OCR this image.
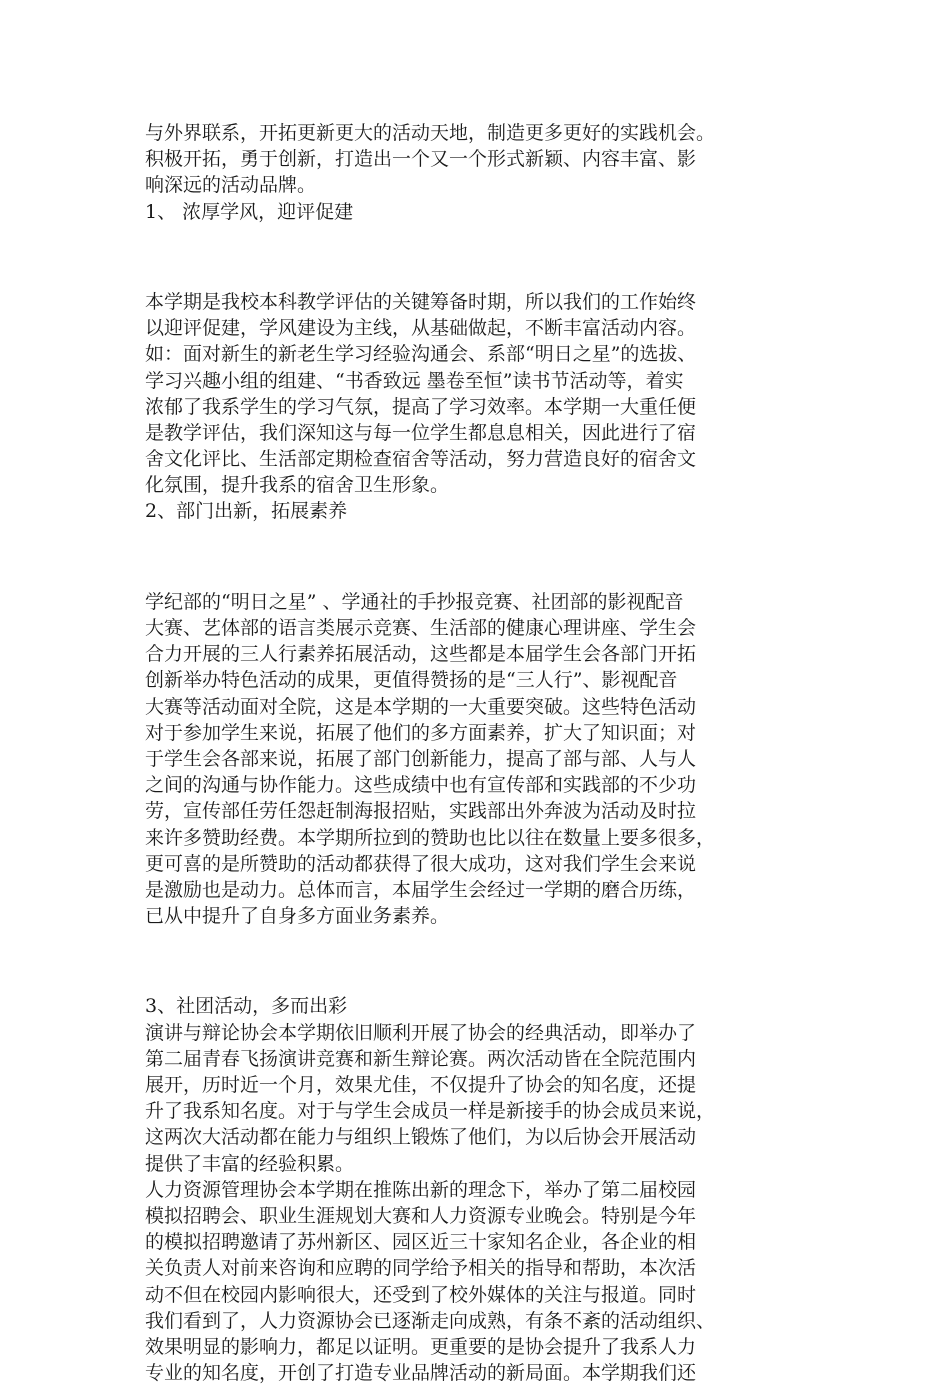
与外界联系，开拓更新更大的活动天地，制造更多更好的实践机会。

积极开拓，勇于创新，打造出一个又一个形式新颖、内容丰富、影

响深远的活动品牌。

1、 浓厚学风，迎评促建

本学期是我校本科教学评估的关键筹备时期，所以我们的工作始终

以迎评促建，学风建设为主线，从基础做起，不断丰富活动内容。

如：面对新生的新老生学习经验沟通会、系部“明日之星”的选拔、

学习兴趣小组的组建、“书香致远 墨卷至恒”读书节活动等，着实

浓郁了我系学生的学习气氛，提高了学习效率。本学期一大重任便

是教学评估，我们深知这与每一位学生都息息相关，因此进行了宿

舍文化评比、生活部定期检查宿舍等活动，努力营造良好的宿舍文

化氛围，提升我系的宿舍卫生形象。

2、部门出新，拓展素养

学纪部的“明日之星” 、学通社的手抄报竞赛、社团部的影视配音

大赛、艺体部的语言类展示竞赛、生活部的健康心理讲座、学生会

合力开展的三人行素养拓展活动，这些都是本届学生会各部门开拓

创新举办特色活动的成果，更值得赞扬的是“三人行”、影视配音

大赛等活动面对全院，这是本学期的一大重要突破。这些特色活动

对于参加学生来说，拓展了他们的多方面素养，扩大了知识面；对

于学生会各部来说，拓展了部门创新能力，提高了部与部、人与人

之间的沟通与协作能力。这些成绩中也有宣传部和实践部的不少功

劳，宣传部任劳任怨赶制海报招贴，实践部出外奔波为活动及时拉

来许多赞助经费。本学期所拉到的赞助也比以往在数量上要多很多，

更可喜的是所赞助的活动都获得了很大成功，这对我们学生会来说

是激励也是动力。总体而言，本届学生会经过一学期的磨合历练，

已从中提升了自身多方面业务素养。

3、社团活动，多而出彩

演讲与辩论协会本学期依旧顺利开展了协会的经典活动，即举办了

第二届青春飞扬演讲竞赛和新生辩论赛。两次活动皆在全院范围内

展开，历时近一个月，效果尤佳，不仅提升了协会的知名度，还提

升了我系知名度。对于与学生会成员一样是新接手的协会成员来说，

这两次大活动都在能力与组织上锻炼了他们，为以后协会开展活动

提供了丰富的经验积累。

人力资源管理协会本学期在推陈出新的理念下，举办了第二届校园

模拟招聘会、职业生涯规划大赛和人力资源专业晚会。特别是今年

的模拟招聘邀请了苏州新区、园区近三十家知名企业，各企业的相

关负责人对前来咨询和应聘的同学给予相关的指导和帮助，本次活

动不但在校园内影响很大，还受到了校外媒体的关注与报道。同时

我们看到了，人力资源协会已逐渐走向成熟，有条不紊的活动组织、

效果明显的影响力，都足以证明。更重要的是协会提升了我系人力

专业的知名度，开创了打造专业品牌活动的新局面。本学期我们还
